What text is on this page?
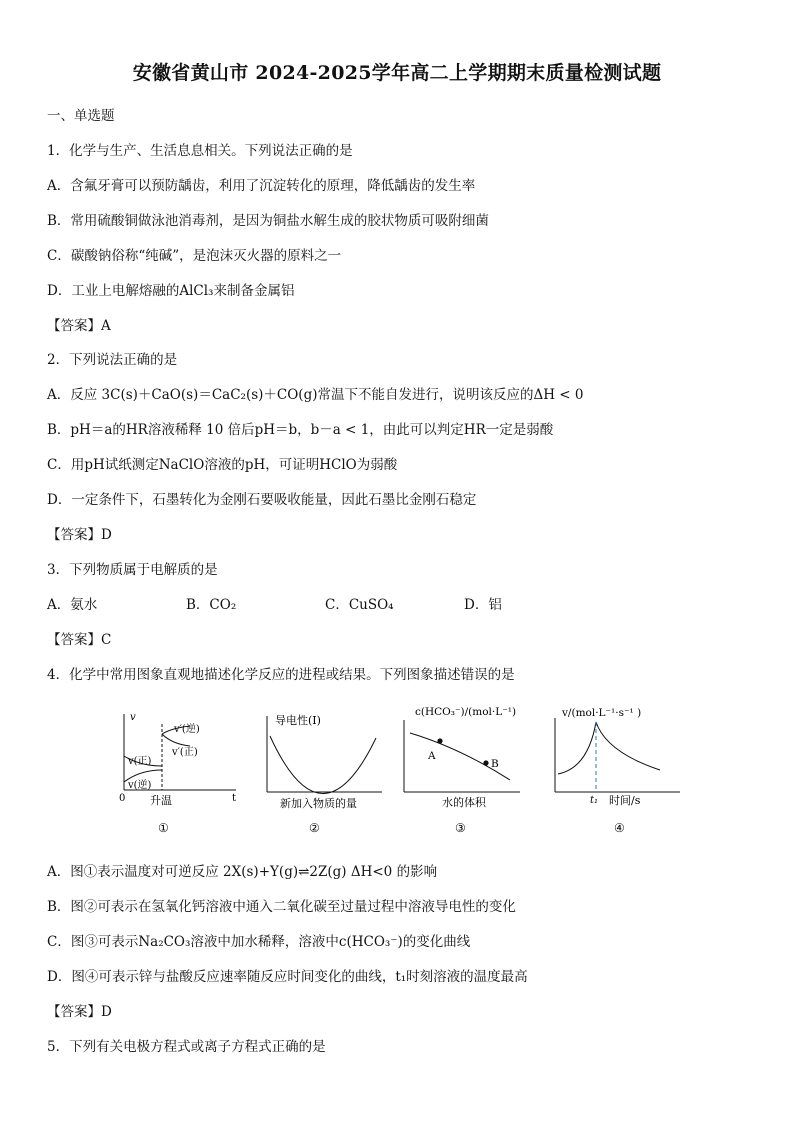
安徽省黄山市 2024-2025学年高二上学期期末质量检测试题
一、单选题
1．化学与生产、生活息息相关。下列说法正确的是
A．含氟牙膏可以预防龋齿，利用了沉淀转化的原理，降低龋齿的发生率
B．常用硫酸铜做泳池消毒剂，是因为铜盐水解生成的胶状物质可吸附细菌
C．碳酸钠俗称“纯碱”，是泡沫灭火器的原料之一
D．工业上电解熔融的AlCl₃来制备金属铝
【答案】A
2．下列说法正确的是
A．反应 3C(s)＋CaO(s)＝CaC₂(s)＋CO(g)常温下不能自发进行，说明该反应的ΔH < 0
B．pH＝a的HR溶液稀释 10 倍后pH＝b，b－a < 1，由此可以判定HR一定是弱酸
C．用pH试纸测定NaClO溶液的pH，可证明HClO为弱酸
D．一定条件下，石墨转化为金刚石要吸收能量，因此石墨比金刚石稳定
【答案】D
3．下列物质属于电解质的是
A．氨水	B．CO₂	C．CuSO₄	D．铝
【答案】C
4．化学中常用图象直观地描述化学反应的进程或结果。下列图象描述错误的是
v
v′(逆)
v′(正)
v(正)
v(逆)
0 升温	t
①
导电性(I)
新加入物质的量
②
c(HCO₃⁻)/(mol·L⁻¹)
A
B
水的体积
③
v/(mol·L⁻¹·s⁻¹ )
t₁ 时间/s
④
A．图①表示温度对可逆反应 2X(s)+Y(g)⇌2Z(g) ΔH<0 的影响
B．图②可表示在氢氧化钙溶液中通入二氧化碳至过量过程中溶液导电性的变化
C．图③可表示Na₂CO₃溶液中加水稀释，溶液中c(HCO₃⁻)的变化曲线
D．图④可表示锌与盐酸反应速率随反应时间变化的曲线，t₁时刻溶液的温度最高
【答案】D
5．下列有关电极方程式或离子方程式正确的是
